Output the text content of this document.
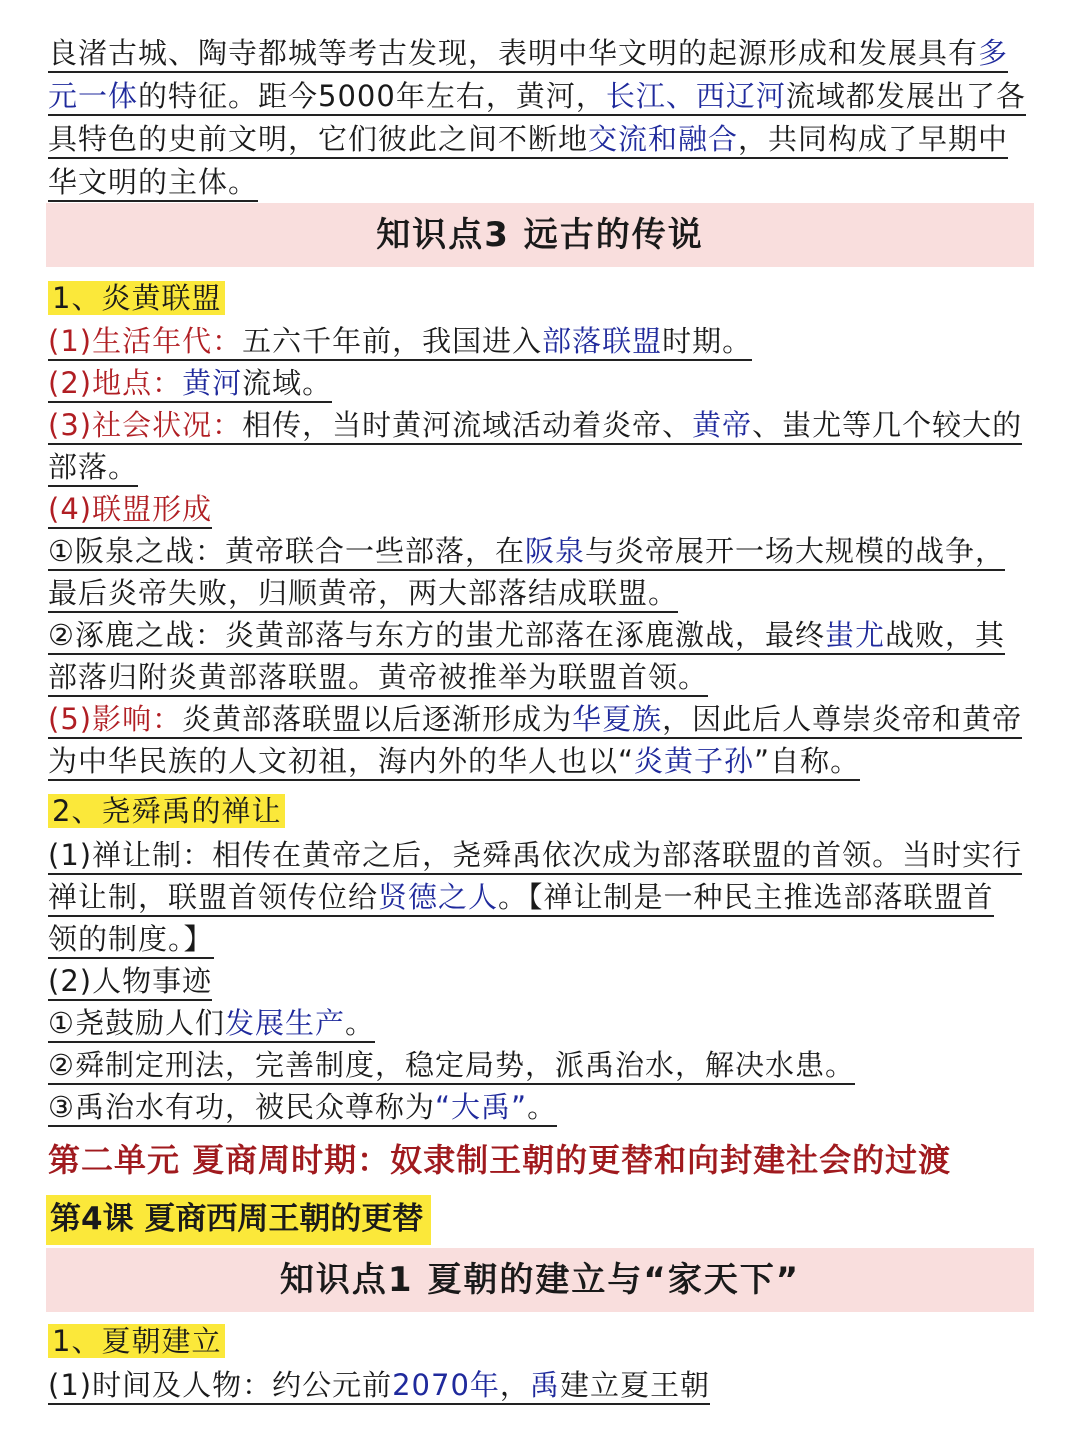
良渚古城、陶寺都城等考古发现，表明中华文明的起源形成和发展具有多
元一体的特征。距今5000年左右，黄河，长江、西辽河流域都发展出了各
具特色的史前文明，它们彼此之间不断地交流和融合，共同构成了早期中
华文明的主体。
知识点3 远古的传说
1、炎黄联盟
(1)生活年代：五六千年前，我国进入部落联盟时期。
(2)地点：黄河流域。
(3)社会状况：相传，当时黄河流域活动着炎帝、黄帝、蚩尤等几个较大的
部落。
(4)联盟形成
①阪泉之战：黄帝联合一些部落，在阪泉与炎帝展开一场大规模的战争，
最后炎帝失败，归顺黄帝，两大部落结成联盟。
②涿鹿之战：炎黄部落与东方的蚩尤部落在涿鹿激战，最终蚩尤战败，其
部落归附炎黄部落联盟。黄帝被推举为联盟首领。
(5)影响：炎黄部落联盟以后逐渐形成为华夏族，因此后人尊崇炎帝和黄帝
为中华民族的人文初祖，海内外的华人也以“炎黄子孙”自称。
2、尧舜禹的禅让
(1)禅让制：相传在黄帝之后，尧舜禹依次成为部落联盟的首领。当时实行
禅让制，联盟首领传位给贤德之人。【禅让制是一种民主推选部落联盟首
领的制度。】
(2)人物事迹
①尧鼓励人们发展生产。
②舜制定刑法，完善制度，稳定局势，派禹治水，解决水患。
③禹治水有功，被民众尊称为“大禹”。
第二单元 夏商周时期：奴隶制王朝的更替和向封建社会的过渡
第4课 夏商西周王朝的更替
知识点1 夏朝的建立与“家天下”
1、夏朝建立
(1)时间及人物：约公元前2070年，禹建立夏王朝
